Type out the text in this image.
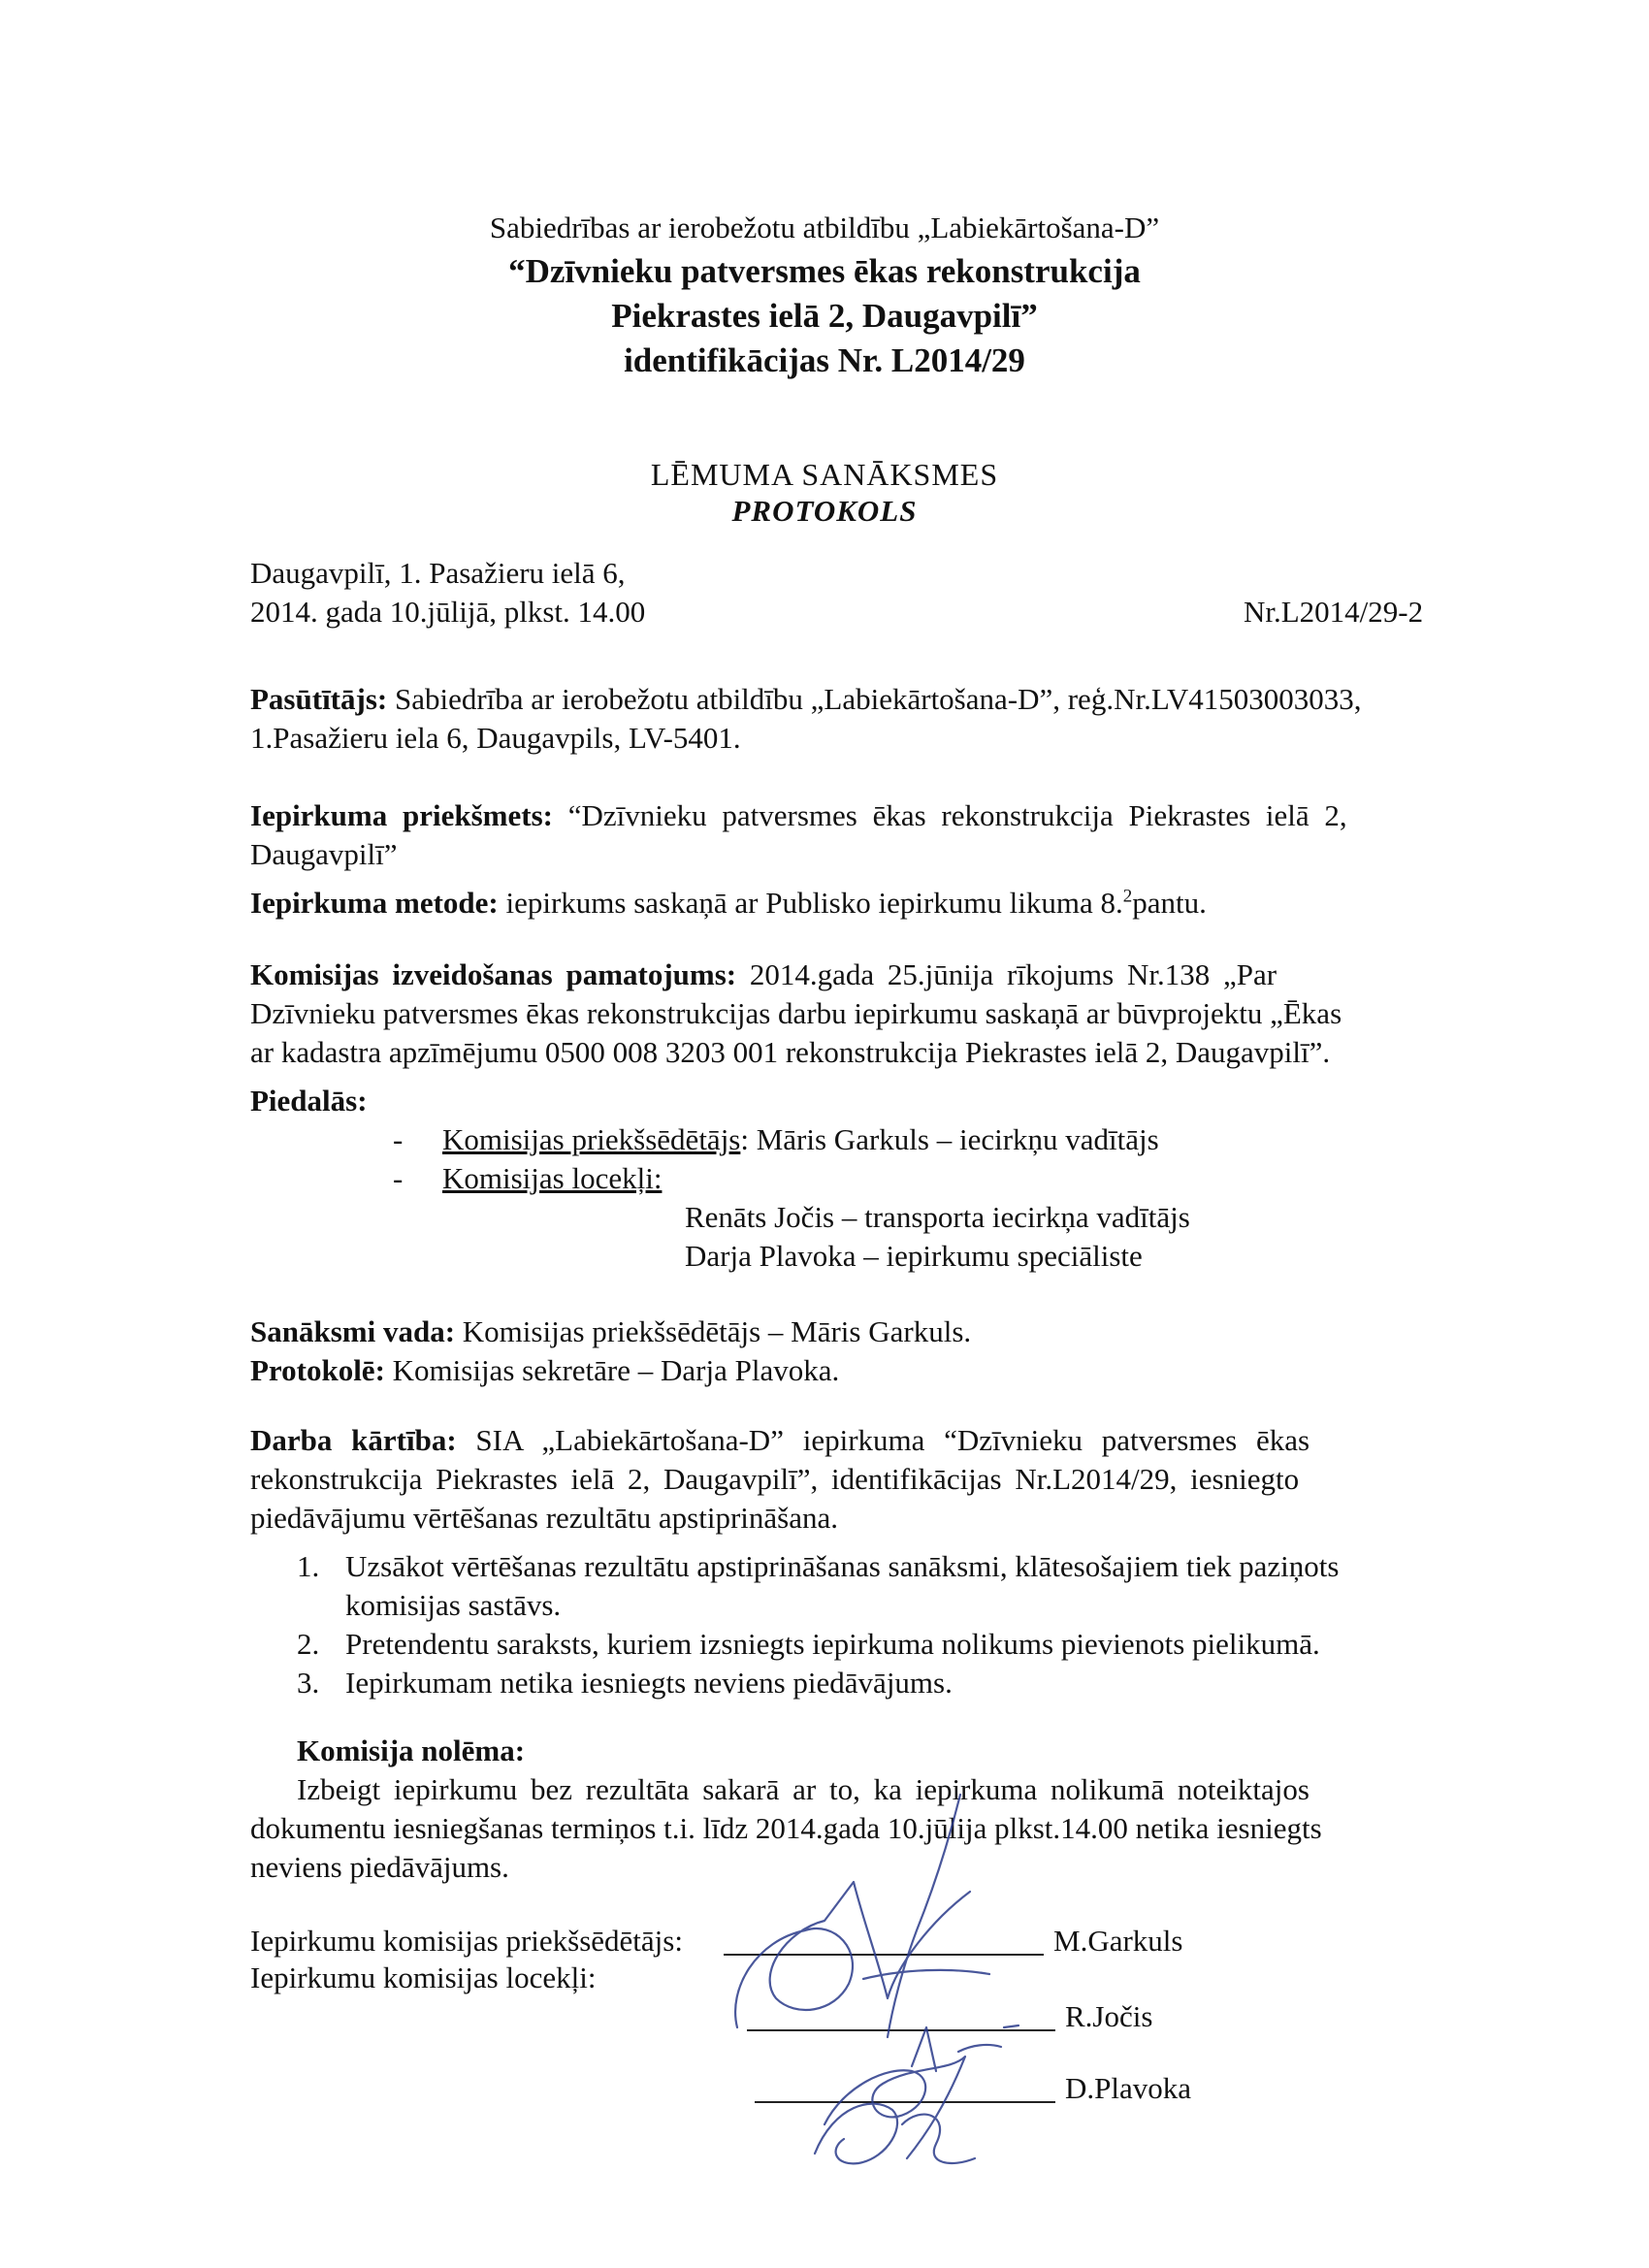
Sabiedrības ar ierobežotu atbildību „Labiekārtošana-D”
“Dzīvnieku patversmes ēkas rekonstrukcija
Piekrastes ielā 2, Daugavpilī”
identifikācijas Nr. L2014/29
LĒMUMA SANĀKSMES
PROTOKOLS
Daugavpilī, 1. Pasažieru ielā 6,
2014. gada 10.jūlijā, plkst. 14.00	Nr.L2014/29-2
Pasūtītājs: Sabiedrība ar ierobežotu atbildību „Labiekārtošana-D”, reģ.Nr.LV41503003033,
1.Pasažieru iela 6, Daugavpils, LV-5401.
Iepirkuma priekšmets: “Dzīvnieku patversmes ēkas rekonstrukcija Piekrastes ielā 2,
Daugavpilī”
Iepirkuma metode: iepirkums saskaņā ar Publisko iepirkumu likuma 8.$^2$pantu.
Komisijas izveidošanas pamatojums: 2014.gada 25.jūnija rīkojums Nr.138 „Par
Dzīvnieku patversmes ēkas rekonstrukcijas darbu iepirkumu saskaņā ar būvprojektu „Ēkas
ar kadastra apzīmējumu 0500 008 3203 001 rekonstrukcija Piekrastes ielā 2, Daugavpilī”.
Piedalās:
- Komisijas priekšsēdētājs: Māris Garkuls – iecirkņu vadītājs
- Komisijas locekļi:
Renāts Jočis – transporta iecirkņa vadītājs
Darja Plavoka – iepirkumu speciāliste
Sanāksmi vada: Komisijas priekšsēdētājs – Māris Garkuls.
Protokolē: Komisijas sekretāre – Darja Plavoka.
Darba kārtība: SIA „Labiekārtošana-D” iepirkuma “Dzīvnieku patversmes ēkas
rekonstrukcija Piekrastes ielā 2, Daugavpilī”, identifikācijas Nr.L2014/29, iesniegto
piedāvājumu vērtēšanas rezultātu apstiprināšana.
1. Uzsākot vērtēšanas rezultātu apstiprināšanas sanāksmi, klātesošajiem tiek paziņots
komisijas sastāvs.
2. Pretendentu saraksts, kuriem izsniegts iepirkuma nolikums pievienots pielikumā.
3. Iepirkumam netika iesniegts neviens piedāvājums.
Komisija nolēma:
Izbeigt iepirkumu bez rezultāta sakarā ar to, ka iepirkuma nolikumā noteiktajos
dokumentu iesniegšanas termiņos t.i. līdz 2014.gada 10.jūlija plkst.14.00 netika iesniegts
neviens piedāvājums.
Iepirkumu komisijas priekšsēdētājs:
Iepirkumu komisijas locekļi:
M.Garkuls
R.Jočis
D.Plavoka
